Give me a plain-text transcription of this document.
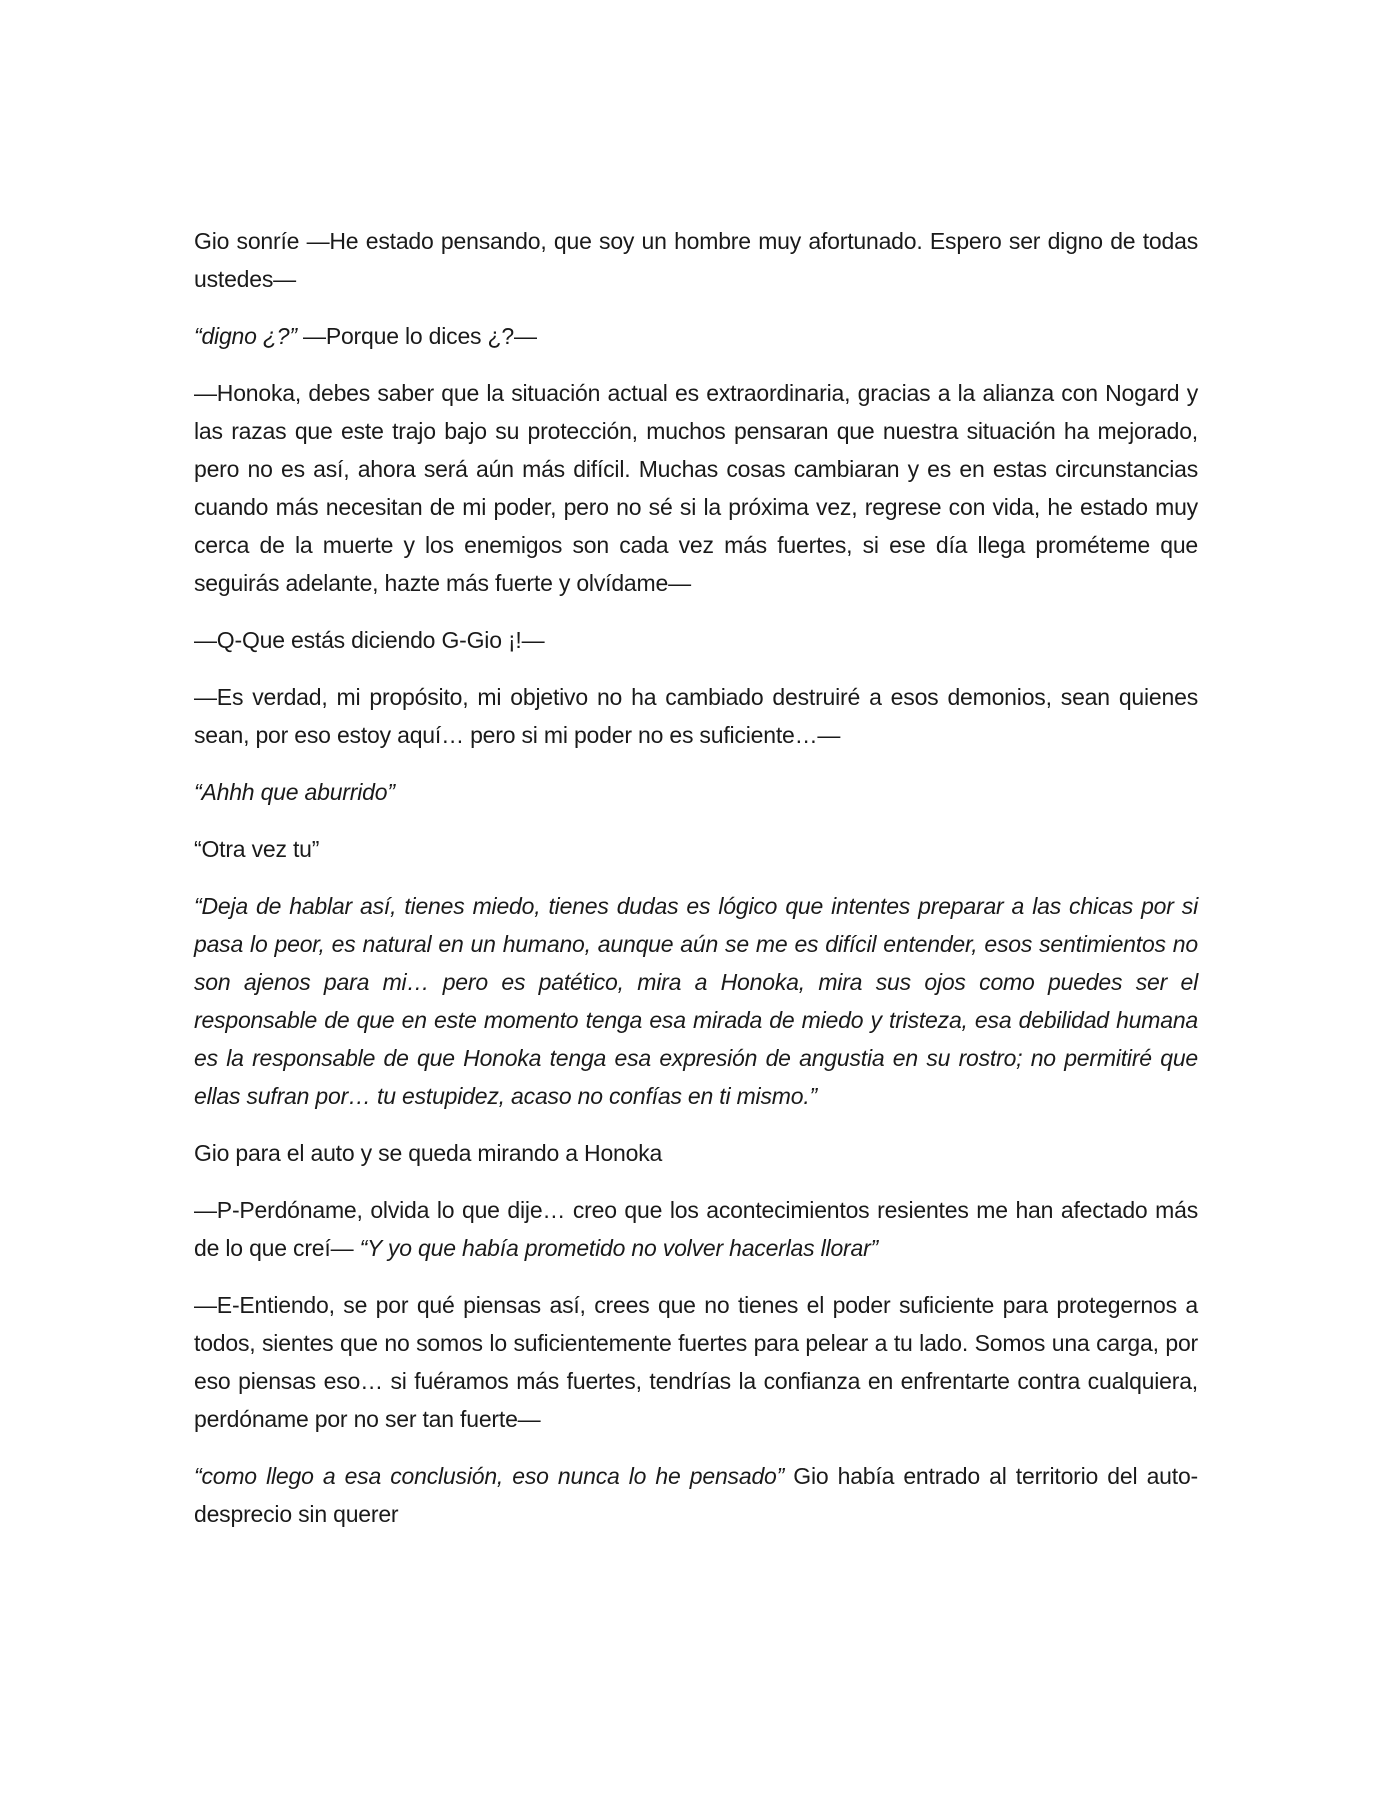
Gio sonríe —He estado pensando, que soy un hombre muy afortunado. Espero ser digno de todas ustedes—

“digno ¿?” —Porque lo dices ¿?—

—Honoka, debes saber que la situación actual es extraordinaria, gracias a la alianza con Nogard y las razas que este trajo bajo su protección, muchos pensaran que nuestra situación ha mejorado, pero no es así, ahora será aún más difícil. Muchas cosas cambiaran y es en estas circunstancias cuando más necesitan de mi poder, pero no sé si la próxima vez, regrese con vida, he estado muy cerca de la muerte y los enemigos son cada vez más fuertes, si ese día llega prométeme que seguirás adelante, hazte más fuerte y olvídame—

—Q-Que estás diciendo G-Gio ¡!—

—Es verdad, mi propósito, mi objetivo no ha cambiado destruiré a esos demonios, sean quienes sean, por eso estoy aquí… pero si mi poder no es suficiente…—

“Ahhh que aburrido”

“Otra vez tu”

“Deja de hablar así, tienes miedo, tienes dudas es lógico que intentes preparar a las chicas por si pasa lo peor, es natural en un humano, aunque aún se me es difícil entender, esos sentimientos no son ajenos para mi… pero es patético, mira a Honoka, mira sus ojos como puedes ser el responsable de que en este momento tenga esa mirada de miedo y tristeza, esa debilidad humana es la responsable de que Honoka tenga esa expresión de angustia en su rostro; no permitiré que ellas sufran por… tu estupidez, acaso no confías en ti mismo.”

Gio para el auto y se queda mirando a Honoka

—P-Perdóname, olvida lo que dije… creo que los acontecimientos resientes me han afectado más de lo que creí— “Y yo que había prometido no volver hacerlas llorar”

—E-Entiendo, se por qué piensas así, crees que no tienes el poder suficiente para protegernos a todos, sientes que no somos lo suficientemente fuertes para pelear a tu lado. Somos una carga, por eso piensas eso… si fuéramos más fuertes, tendrías la confianza en enfrentarte contra cualquiera, perdóname por no ser tan fuerte—

“como llego a esa conclusión, eso nunca lo he pensado” Gio había entrado al territorio del auto-desprecio sin querer
